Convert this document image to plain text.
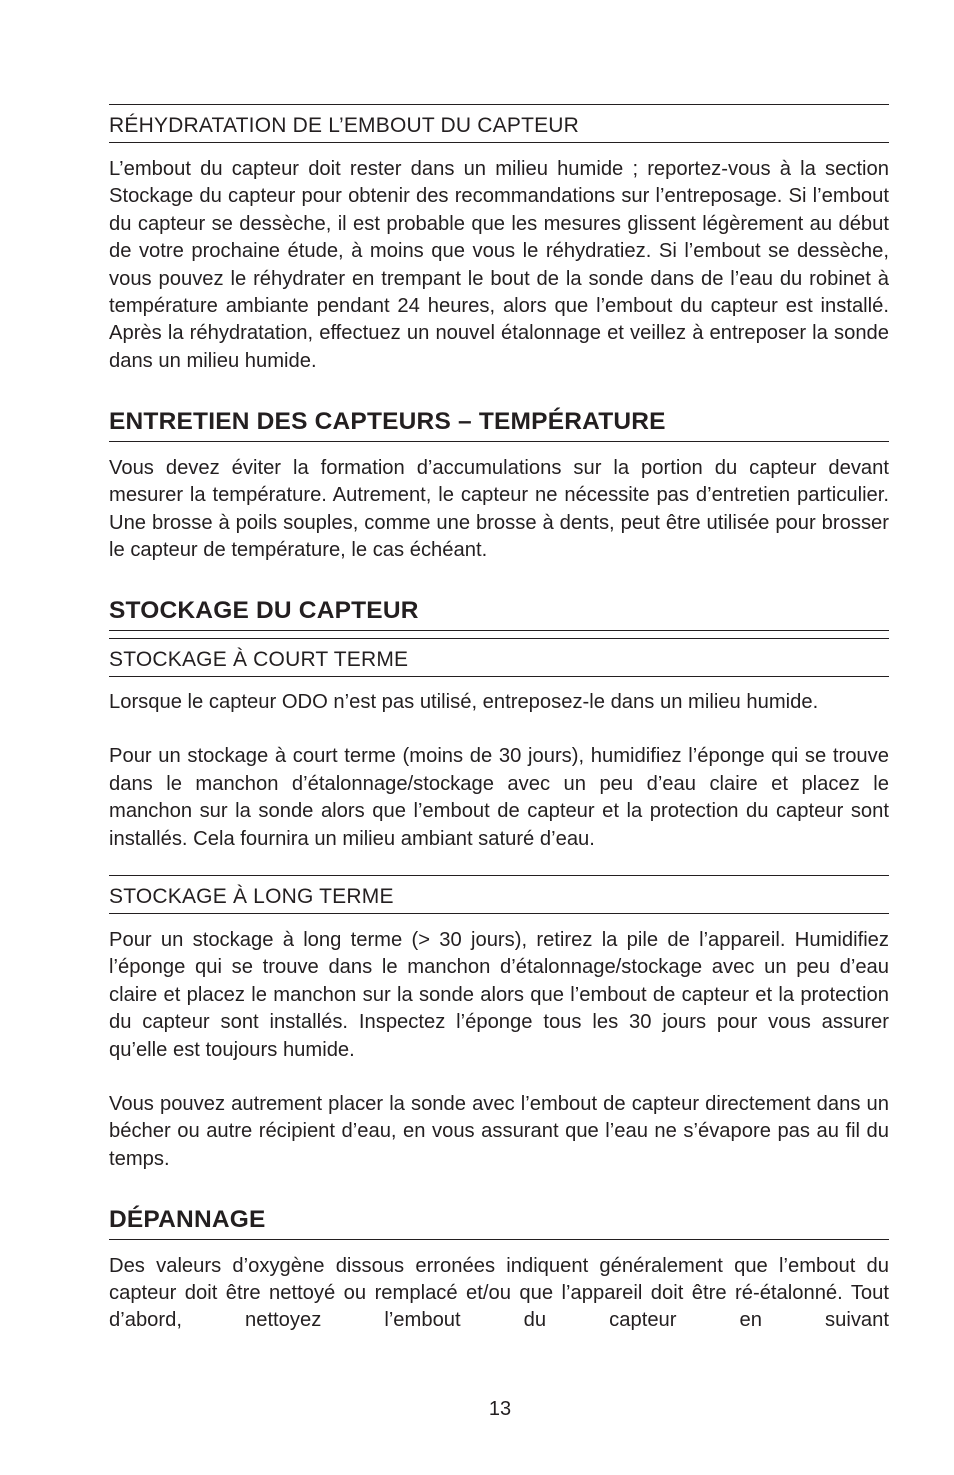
RÉHYDRATATION DE L’EMBOUT DU CAPTEUR

L’embout du capteur doit rester dans un milieu humide ; reportez-vous à la section Stockage du capteur pour obtenir des recommandations sur l’entreposage. Si l’embout du capteur se dessèche, il est probable que les mesures glissent légèrement au début de votre prochaine étude, à moins que vous le réhydratiez. Si l’embout se dessèche, vous pouvez le réhydrater en trempant le bout de la sonde dans de l’eau du robinet à température ambiante pendant 24 heures, alors que l’embout du capteur est installé. Après la réhydratation, effectuez un nouvel étalonnage et veillez à entreposer la sonde dans un milieu humide.

ENTRETIEN DES CAPTEURS – TEMPÉRATURE

Vous devez éviter la formation d’accumulations sur la portion du capteur devant mesurer la température. Autrement, le capteur ne nécessite pas d’entretien particulier. Une brosse à poils souples, comme une brosse à dents, peut être utilisée pour brosser le capteur de température, le cas échéant.

STOCKAGE DU CAPTEUR
STOCKAGE À COURT TERME

Lorsque le capteur ODO n’est pas utilisé, entreposez-le dans un milieu humide.

Pour un stockage à court terme (moins de 30 jours), humidifiez l’éponge qui se trouve dans le manchon d’étalonnage/stockage avec un peu d’eau claire et placez le manchon sur la sonde alors que l’embout de capteur et la protection du capteur sont installés. Cela fournira un milieu ambiant saturé d’eau.

STOCKAGE À LONG TERME

Pour un stockage à long terme (> 30 jours), retirez la pile de l’appareil. Humidifiez l’éponge qui se trouve dans le manchon d’étalonnage/stockage avec un peu d’eau claire et placez le manchon sur la sonde alors que l’embout de capteur et la protection du capteur sont installés. Inspectez l’éponge tous les 30 jours pour vous assurer qu’elle est toujours humide.

Vous pouvez autrement placer la sonde avec l’embout de capteur directement dans un bécher ou autre récipient d’eau, en vous assurant que l’eau ne s’évapore pas au fil du temps.

DÉPANNAGE

Des valeurs d’oxygène dissous erronées indiquent généralement que l’embout du capteur doit être nettoyé ou remplacé et/ou que l’appareil doit être ré-étalonné. Tout d’abord, nettoyez l’embout du capteur en suivant

13
